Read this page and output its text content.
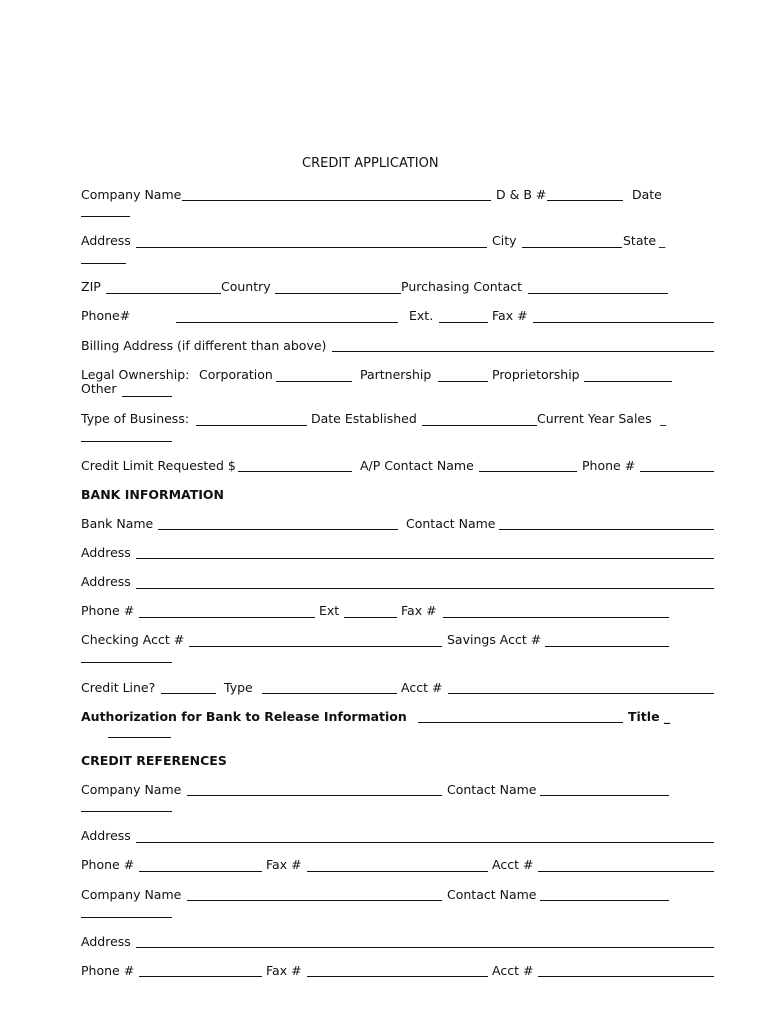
CREDIT APPLICATION
Company Name	D & B #	Date
Address	City	State _
ZIP	Country	Purchasing Contact
Phone#	Ext.	Fax #
Billing Address (if different than above)
Legal Ownership: Corporation	Partnership	Proprietorship
Other
Type of Business:	Date Established	Current Year Sales _
Credit Limit Requested $	A/P Contact Name	Phone #
BANK INFORMATION
Bank Name	Contact Name
Address
Address
Phone #	Ext	Fax #
Checking Acct #	Savings Acct #
Credit Line?	Type	Acct #
Authorization for Bank to Release Information	Title _
CREDIT REFERENCES
Company Name	Contact Name
Address
Phone #	Fax #	Acct #
Company Name	Contact Name
Address
Phone #	Fax #	Acct #
